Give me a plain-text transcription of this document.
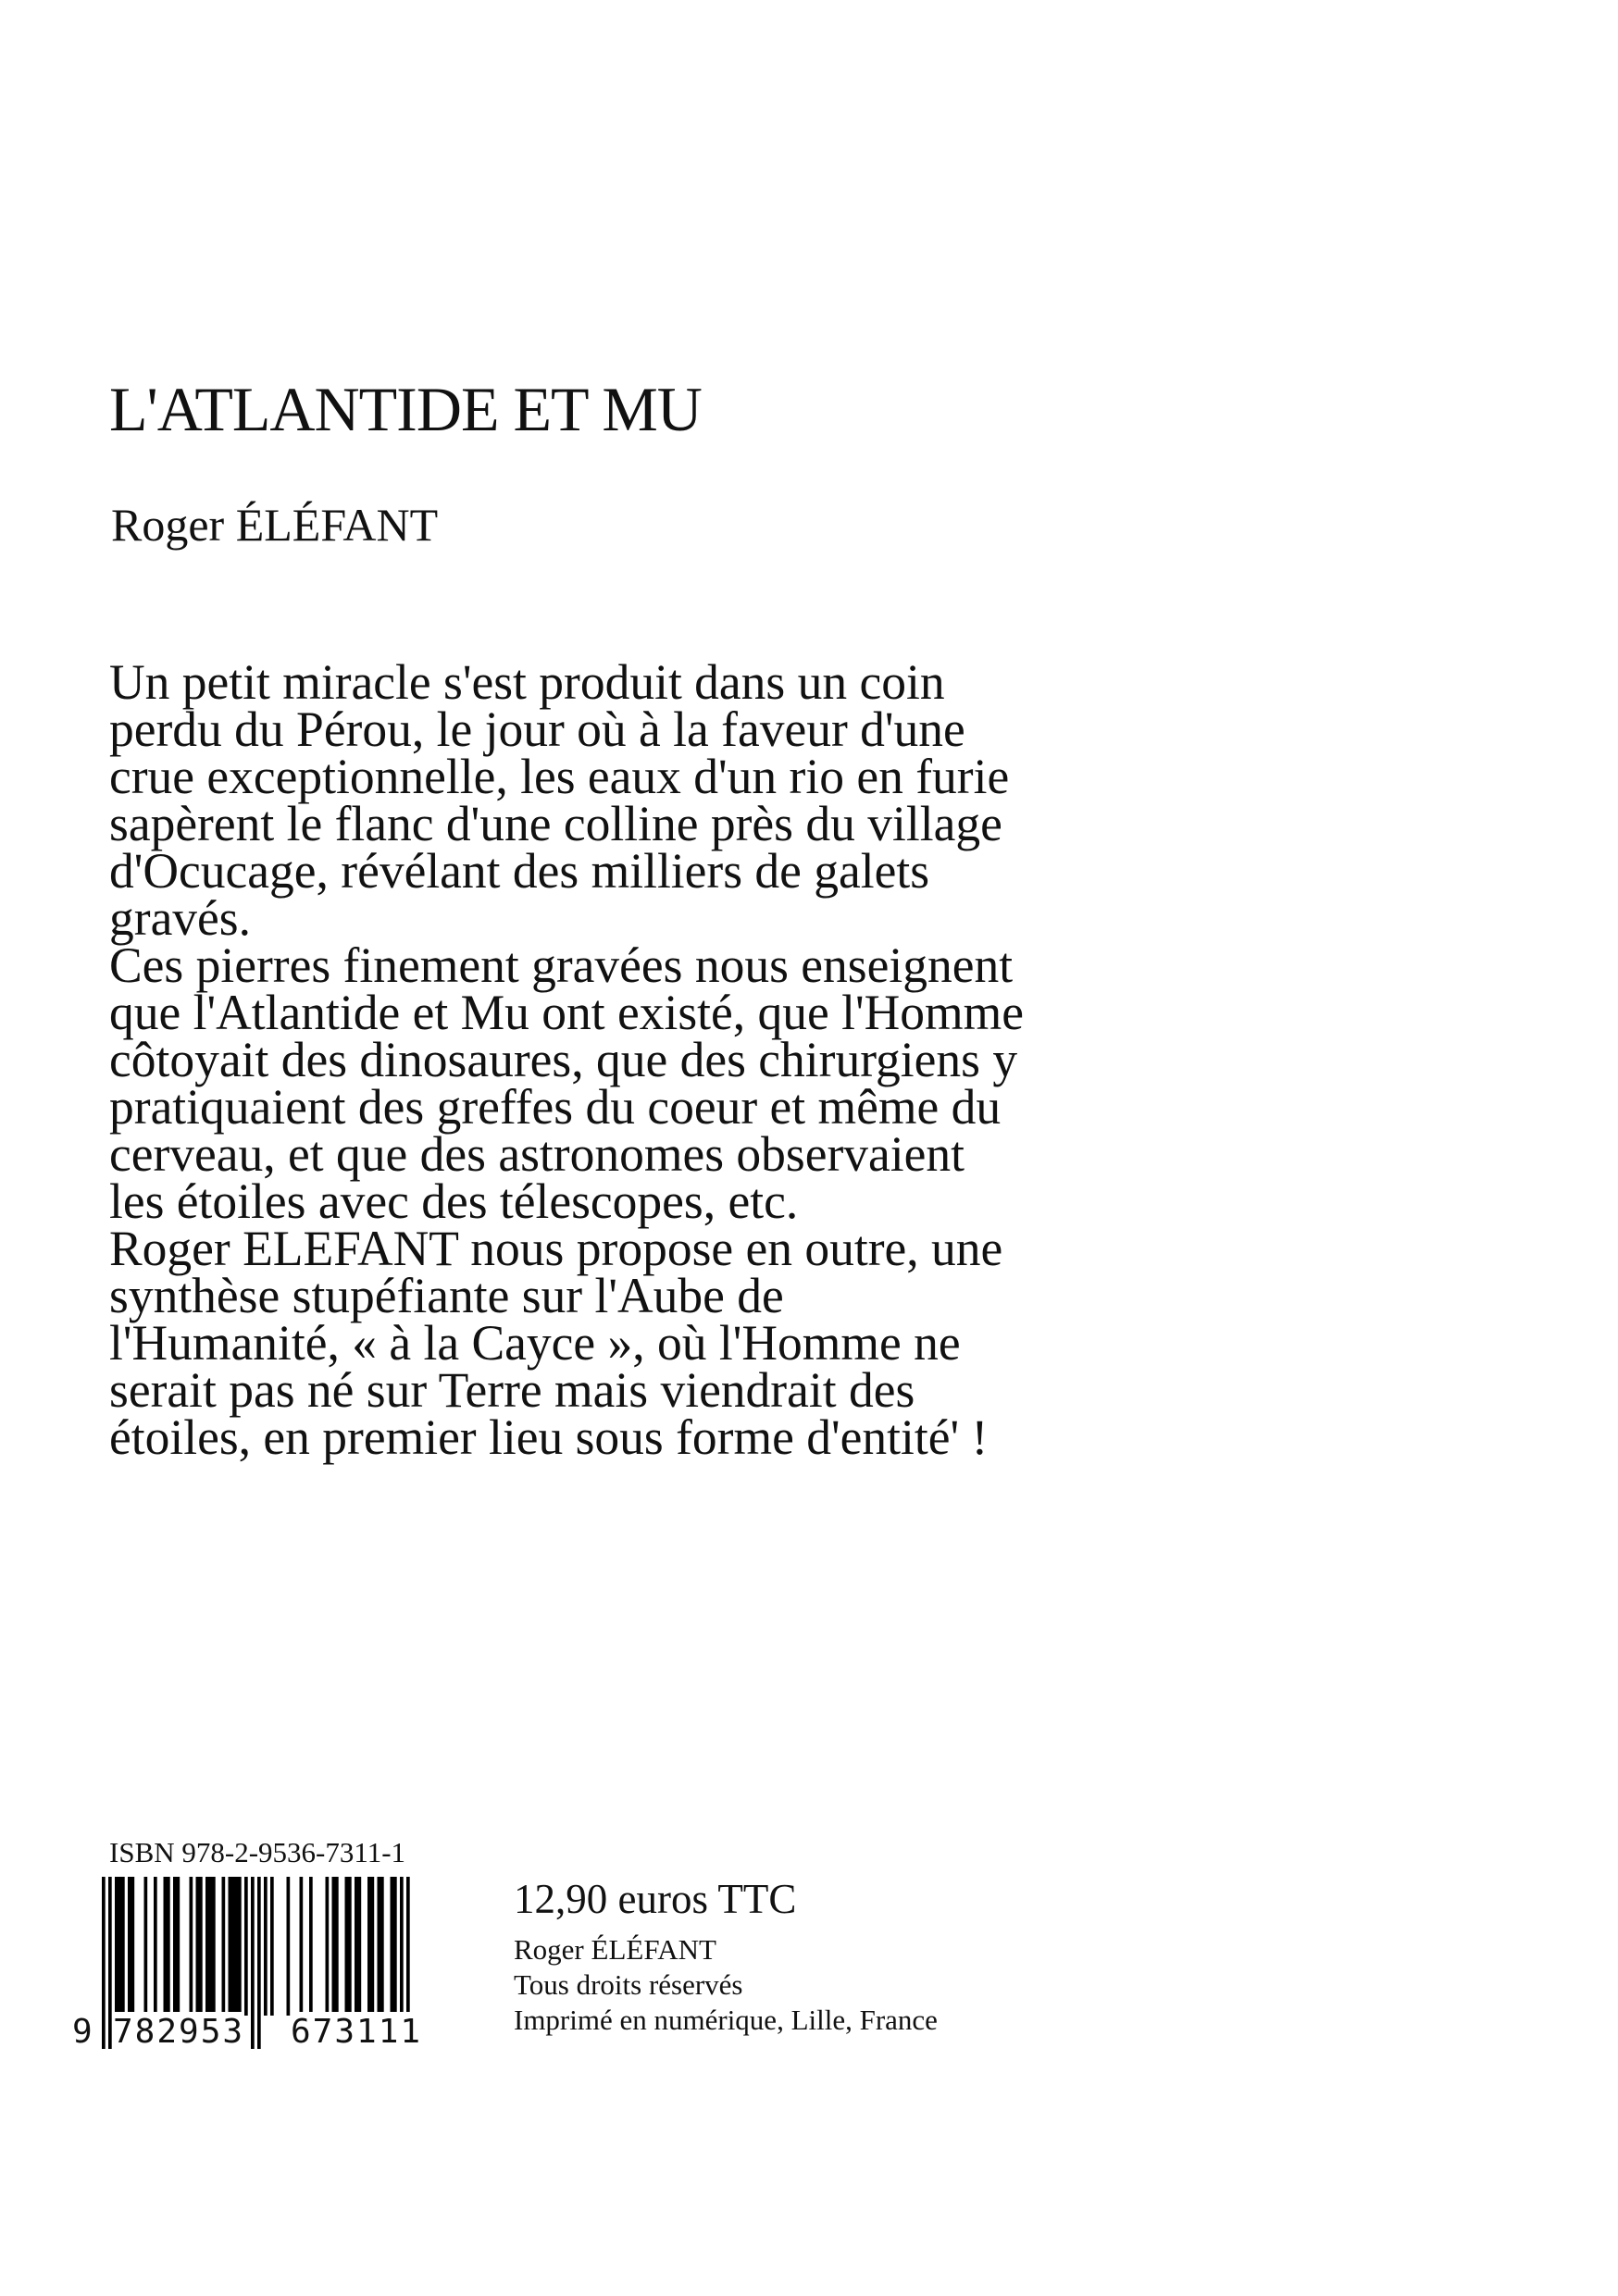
L'ATLANTIDE ET MU
Roger ÉLÉFANT

Un petit miracle s'est produit dans un coin

perdu du Pérou, le jour où à la faveur d'une

crue exceptionnelle, les eaux d'un rio en furie

sapèrent le flanc d'une colline près du village

d'Ocucage, révélant des milliers de galets

gravés.

Ces pierres finement gravées nous enseignent

que l'Atlantide et Mu ont existé, que l'Homme

côtoyait des dinosaures, que des chirurgiens y

pratiquaient des greffes du coeur et même du

cerveau, et que des astronomes observaient

les étoiles avec des télescopes, etc.

Roger ELEFANT nous propose en outre, une

synthèse stupéfiante sur l'Aube de

l'Humanité, « à la Cayce », où l'Homme ne

serait pas né sur Terre mais viendrait des

étoiles, en premier lieu sous forme d'entité' !

ISBN 978-2-9536-7311-1
9 782953 673111
12,90 euros TTC
Roger ÉLÉFANT
Tous droits réservés
Imprimé en numérique, Lille, France
